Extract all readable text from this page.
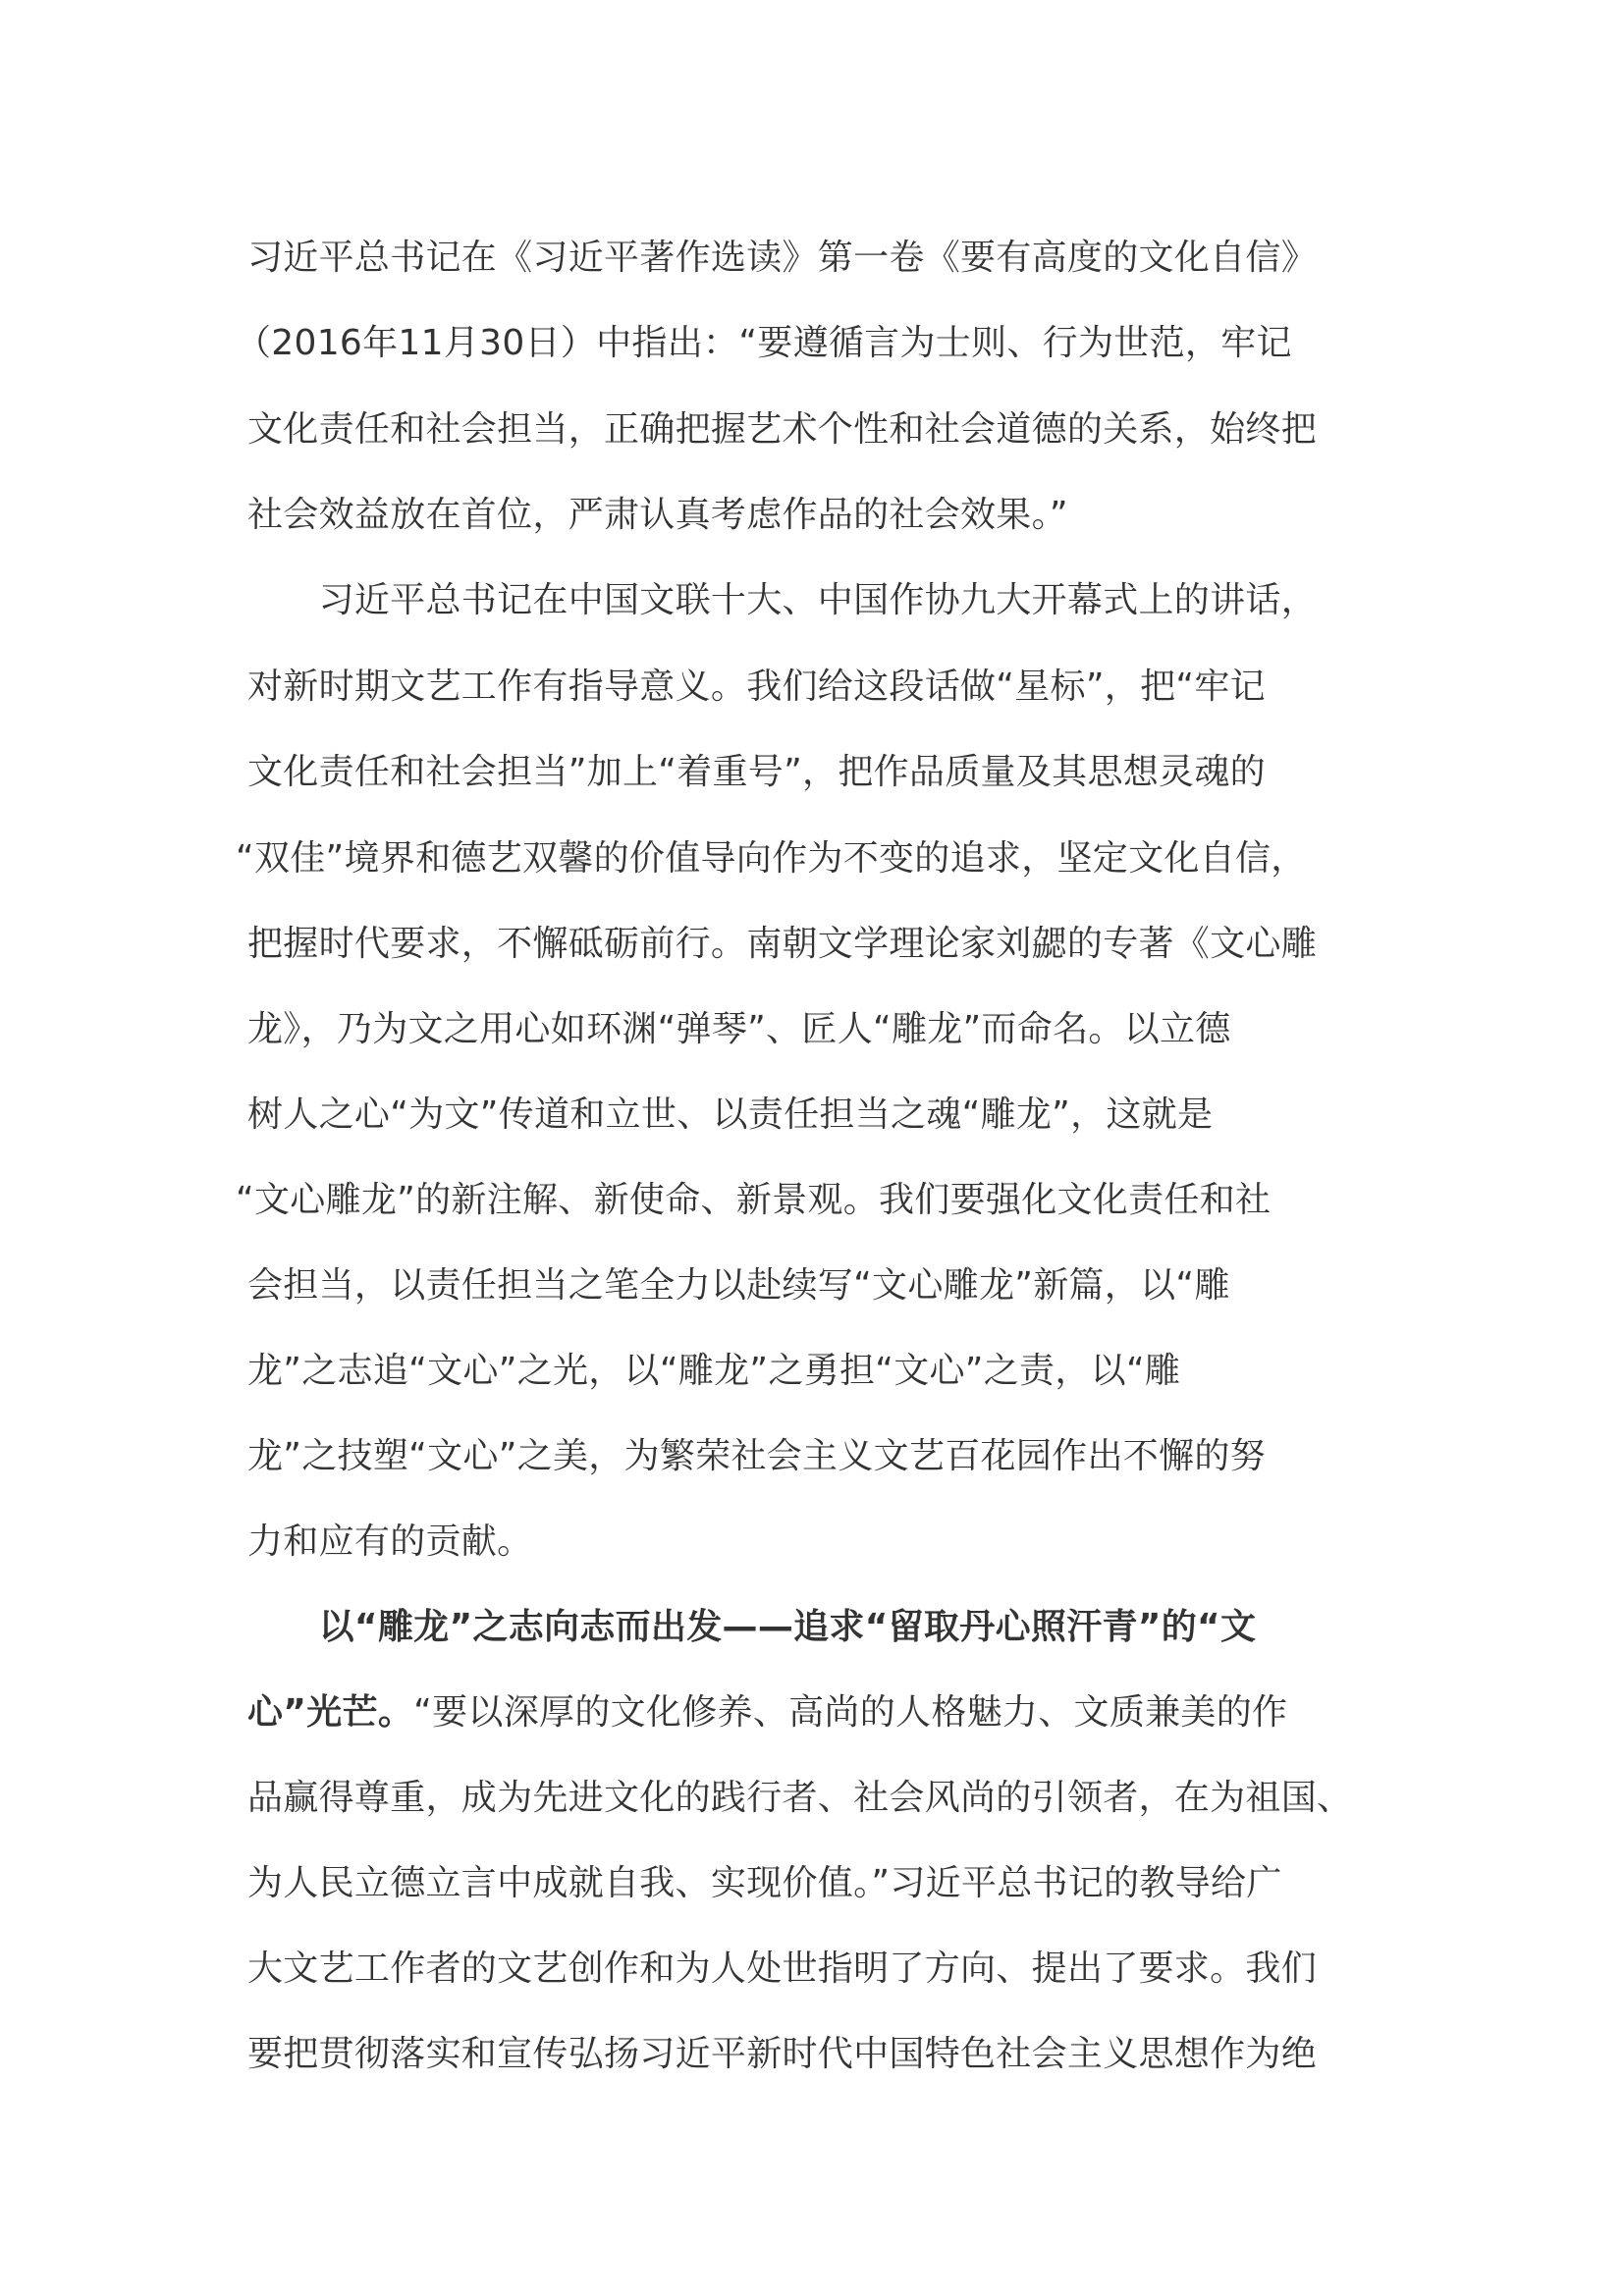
习近平总书记在《习近平著作选读》第一卷《要有高度的文化自信》
（2016年11月30日）中指出：“要遵循言为士则、行为世范，牢记
文化责任和社会担当，正确把握艺术个性和社会道德的关系，始终把
社会效益放在首位，严肃认真考虑作品的社会效果。”
　　习近平总书记在中国文联十大、中国作协九大开幕式上的讲话，
对新时期文艺工作有指导意义。我们给这段话做“星标”，把“牢记
文化责任和社会担当”加上“着重号”，把作品质量及其思想灵魂的
“双佳”境界和德艺双馨的价值导向作为不变的追求，坚定文化自信，
把握时代要求，不懈砥砺前行。南朝文学理论家刘勰的专著《文心雕
龙》，乃为文之用心如环渊“弹琴”、匠人“雕龙”而命名。以立德
树人之心“为文”传道和立世、以责任担当之魂“雕龙”，这就是
“文心雕龙”的新注解、新使命、新景观。我们要强化文化责任和社
会担当，以责任担当之笔全力以赴续写“文心雕龙”新篇，以“雕
龙”之志追“文心”之光，以“雕龙”之勇担“文心”之责，以“雕
龙”之技塑“文心”之美，为繁荣社会主义文艺百花园作出不懈的努
力和应有的贡献。
　　以“雕龙”之志向志而出发——追求“留取丹心照汗青”的“文
心”光芒。“要以深厚的文化修养、高尚的人格魅力、文质兼美的作
品赢得尊重，成为先进文化的践行者、社会风尚的引领者，在为祖国、
为人民立德立言中成就自我、实现价值。”习近平总书记的教导给广
大文艺工作者的文艺创作和为人处世指明了方向、提出了要求。我们
要把贯彻落实和宣传弘扬习近平新时代中国特色社会主义思想作为绝
